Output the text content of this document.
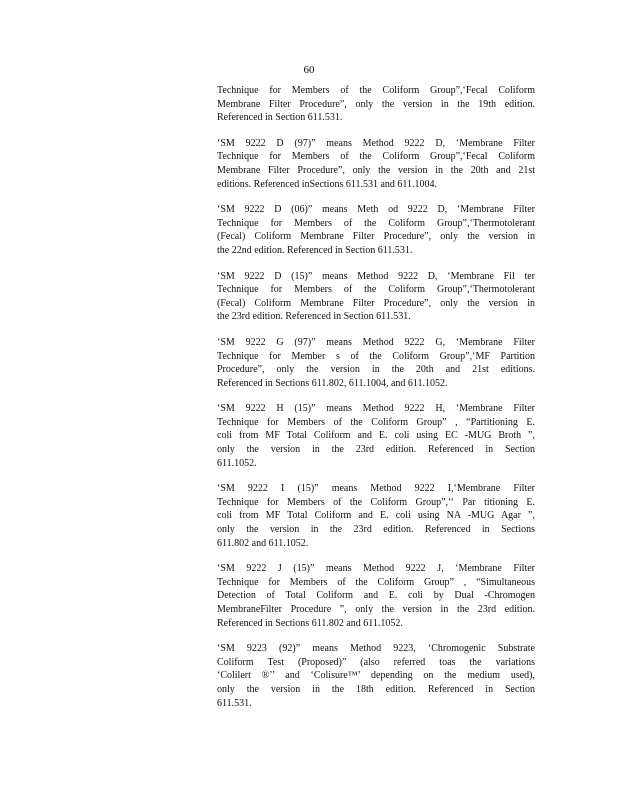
60
Technique for Members of the Coliform Group”,‘Fecal Coliform
Membrane Filter Procedure”, only the version in the 19th edition.
Referenced in Section 611.531.
‘SM 9222 D (97)” means Method 9222 D, ‘Membrane Filter
Technique for Members of the Coliform Group”,‘Fecal Coliform
Membrane Filter Procedure”, only the version in the 20th and 21st
editions. Referenced inSections 611.531 and 611.1004.
‘SM 9222 D (06)” means Meth od 9222 D, ‘Membrane Filter
Technique for Members of the Coliform Group”,‘Thermotolerant
(Fecal) Coliform Membrane Filter Procedure”, only the version in
the 22nd edition. Referenced in Section 611.531.
‘SM 9222 D (15)” means Method 9222 D, ‘Membrane Fil ter
Technique for Members of the Coliform Group”,‘Thermotolerant
(Fecal) Coliform Membrane Filter Procedure”, only the version in
the 23rd edition. Referenced in Section 611.531.
‘SM 9222 G (97)” means Method 9222 G, ‘Membrane Filter
Technique for Member s of the Coliform Group”,‘MF Partition
Procedure”, only the version in the 20th and 21st editions.
Referenced in Sections 611.802, 611.1004, and 611.1052.
‘SM 9222 H (15)” means Method 9222 H, ‘Membrane Filter
Technique for Members of the Coliform Group” , “Partitioning E.
coli from MF Total Coliform and E. coli using EC -MUG Broth ”,
only the version in the 23rd edition. Referenced in Section
611.1052.
‘SM 9222 I (15)” means Method 9222 I,‘Membrane Filter
Technique for Members of the Coliform Group”,‘‘ Par titioning E.
coli from MF Total Coliform and E. coli using NA -MUG Agar ”,
only the version in the 23rd edition. Referenced in Sections
611.802 and 611.1052.
‘SM 9222 J (15)” means Method 9222 J, ‘Membrane Filter
Technique for Members of the Coliform Group” , “Simultaneous
Detection of Total Coliform and E. coli by Dual -Chromogen
MembraneFilter Procedure ”, only the version in the 23rd edition.
Referenced in Sections 611.802 and 611.1052.
‘SM 9223 (92)” means Method 9223, ‘Chromogenic Substrate
Coliform Test (Proposed)” (also referred toas the variations
‘Colilert ®’’ and ‘Colisure™’ depending on the medium used),
only the version in the 18th edition. Referenced in Section
611.531.
